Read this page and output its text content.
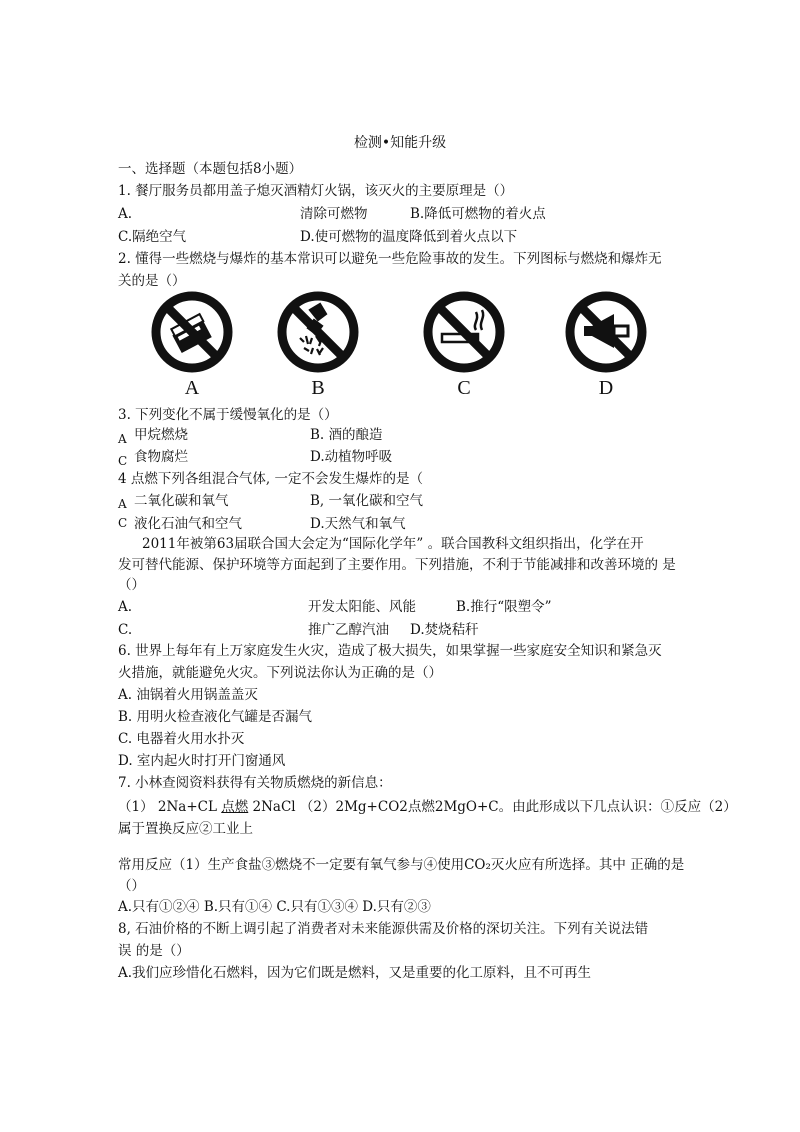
检测•知能升级
一、选择题（本题包括8小题）
1. 餐厅服务员都用盖子熄灭酒精灯火锅，该灭火的主要原理是（）
A.	清除可燃物	B.降低可燃物的着火点
C.隔绝空气	D.使可燃物的温度降低到着火点以下
2. 懂得一些燃烧与爆炸的基本常识可以避免一些危险事故的发生。下列图标与燃烧和爆炸无
关的是（）
A	B	C	D
3. 下列变化不属于缓慢氧化的是（）
A 甲烷燃烧	B. 酒的酿造
C 食物腐烂	D.动植物呼吸
4 点燃下列各组混合气体, 一定不会发生爆炸的是（
A 二氧化碳和氧气	B, 一氧化碳和空气
C 液化石油气和空气	D.天然气和氧气
2011年被第63届联合国大会定为“国际化学年” 。联合国教科文组织指出，化学在开
发可替代能源、保护环境等方面起到了主要作用。下列措施，不利于节能减排和改善环境的 是
（）
A.	开发太阳能、风能	B.推行“限塑令”
C.	推广乙醇汽油 D.焚烧秸秆
6. 世界上每年有上万家庭发生火灾，造成了极大损失，如果掌握一些家庭安全知识和紧急灭
火措施，就能避免火灾。下列说法你认为正确的是（）
A. 油锅着火用锅盖盖灭
B. 用明火检查液化气罐是否漏气
C. 电器着火用水扑灭
D. 室内起火时打开门窗通风
7. 小林查阅资料获得有关物质燃烧的新信息：
（1） 2Na+CL 点燃 2NaCl （2）2Mg+CO2点燃2MgO+C。由此形成以下几点认识：①反应（2）
属于置换反应②工业上
常用反应（1）生产食盐③燃烧不一定要有氧气参与④使用CO₂灭火应有所选择。其中 正确的是
（）
A.只有①②④ B.只有①④ C.只有①③④ D.只有②③
8, 石油价格的不断上调引起了消费者对未来能源供需及价格的深切关注。下列有关说法错
误 的是（）
A.我们应珍惜化石燃料，因为它们既是燃料，又是重要的化工原料，且不可再生
